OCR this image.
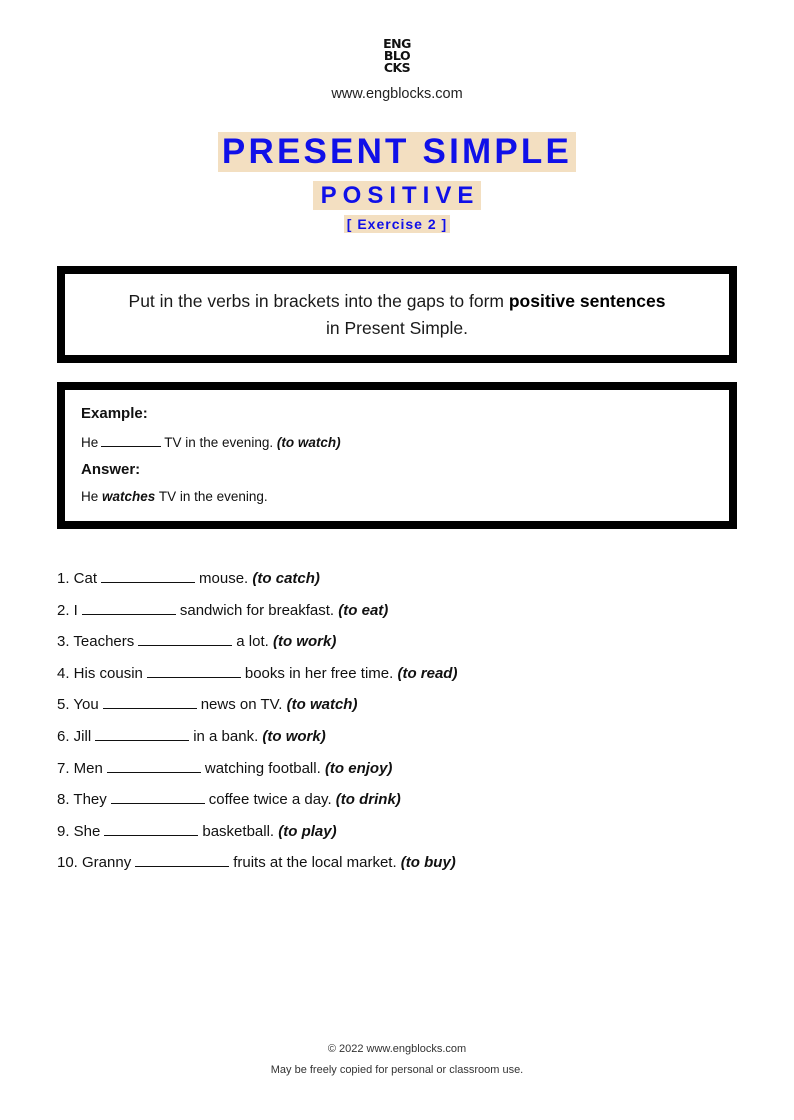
ENG
BLO
CKS
www.engblocks.com
PRESENT SIMPLE
POSITIVE
[ Exercise 2 ]
Put in the verbs in brackets into the gaps to form positive sentences
in Present Simple.
Example:
He	TV in the evening. (to watch)
Answer:
He watches TV in the evening.
1. Cat	mouse. (to catch)
2. I	sandwich for breakfast. (to eat)
3. Teachers	a lot. (to work)
4. His cousin	books in her free time. (to read)
5. You	news on TV. (to watch)
6. Jill	in a bank. (to work)
7. Men	watching football. (to enjoy)
8. They	coffee twice a day. (to drink)
9. She	basketball. (to play)
10. Granny	fruits at the local market. (to buy)
© 2022 www.engblocks.com
May be freely copied for personal or classroom use.
